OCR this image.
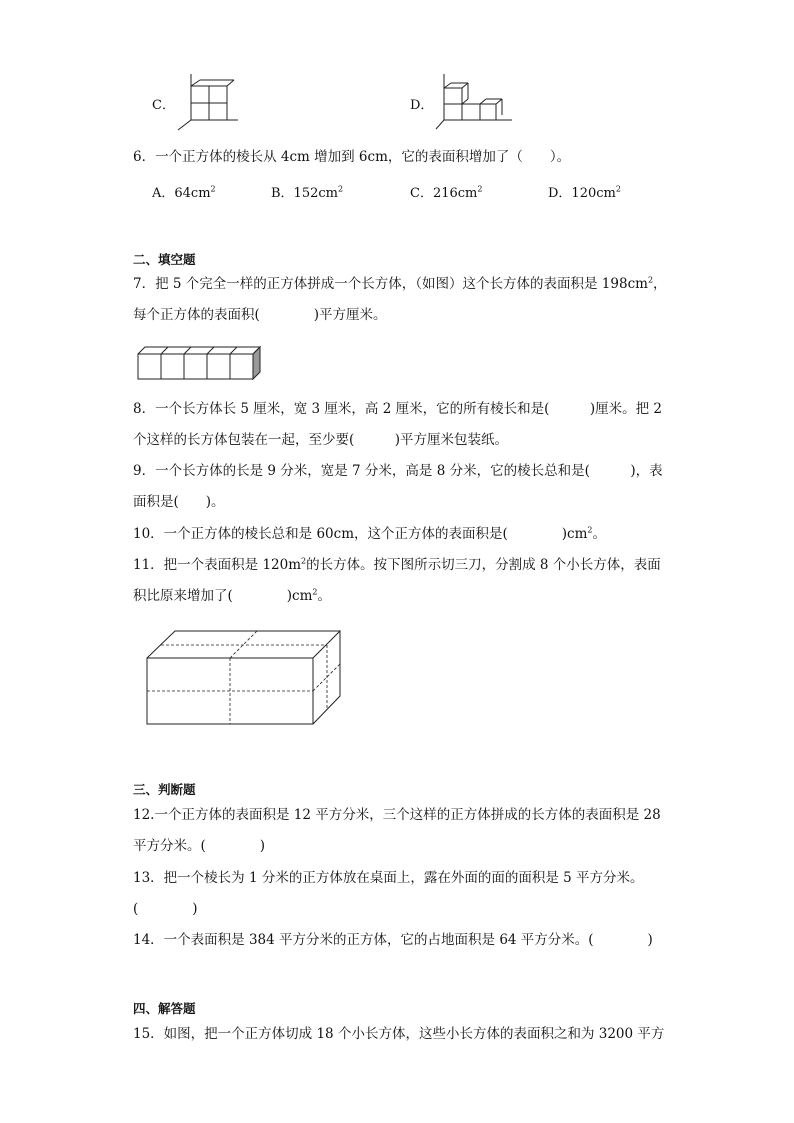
C．	D．
6．一个正方体的棱长从 4cm 增加到 6cm，它的表面积增加了（　　）。
A．$64cm^2$	B．$152cm^2$	C．$216cm^2$	D．$120cm^2$
二、填空题
7．把 5 个完全一样的正方体拼成一个长方体，（如图）这个长方体的表面积是 $198cm^2$，
每个正方体的表面积(　　　　)平方厘米。
8．一个长方体长 5 厘米，宽 3 厘米，高 2 厘米，它的所有棱长和是(　　　)厘米。把 2
个这样的长方体包装在一起，至少要(　　　)平方厘米包装纸。
9．一个长方体的长是 9 分米，宽是 7 分米，高是 8 分米，它的棱长总和是(　　　)，表
面积是(　　)。
10．一个正方体的棱长总和是 60cm，这个正方体的表面积是(　　　　)$cm^2$。
11．把一个表面积是 $120m^2$的长方体。按下图所示切三刀，分割成 8 个小长方体，表面
积比原来增加了(　　　　)$cm^2$。
三、判断题
12.一个正方体的表面积是 12 平方分米，三个这样的正方体拼成的长方体的表面积是 28
平方分米。(　　　　)
13．把一个棱长为 1 分米的正方体放在桌面上，露在外面的面的面积是 5 平方分米。
(　　　　)
14．一个表面积是 384 平方分米的正方体，它的占地面积是 64 平方分米。(　　　　)
四、解答题
15．如图，把一个正方体切成 18 个小长方体，这些小长方体的表面积之和为 3200 平方
